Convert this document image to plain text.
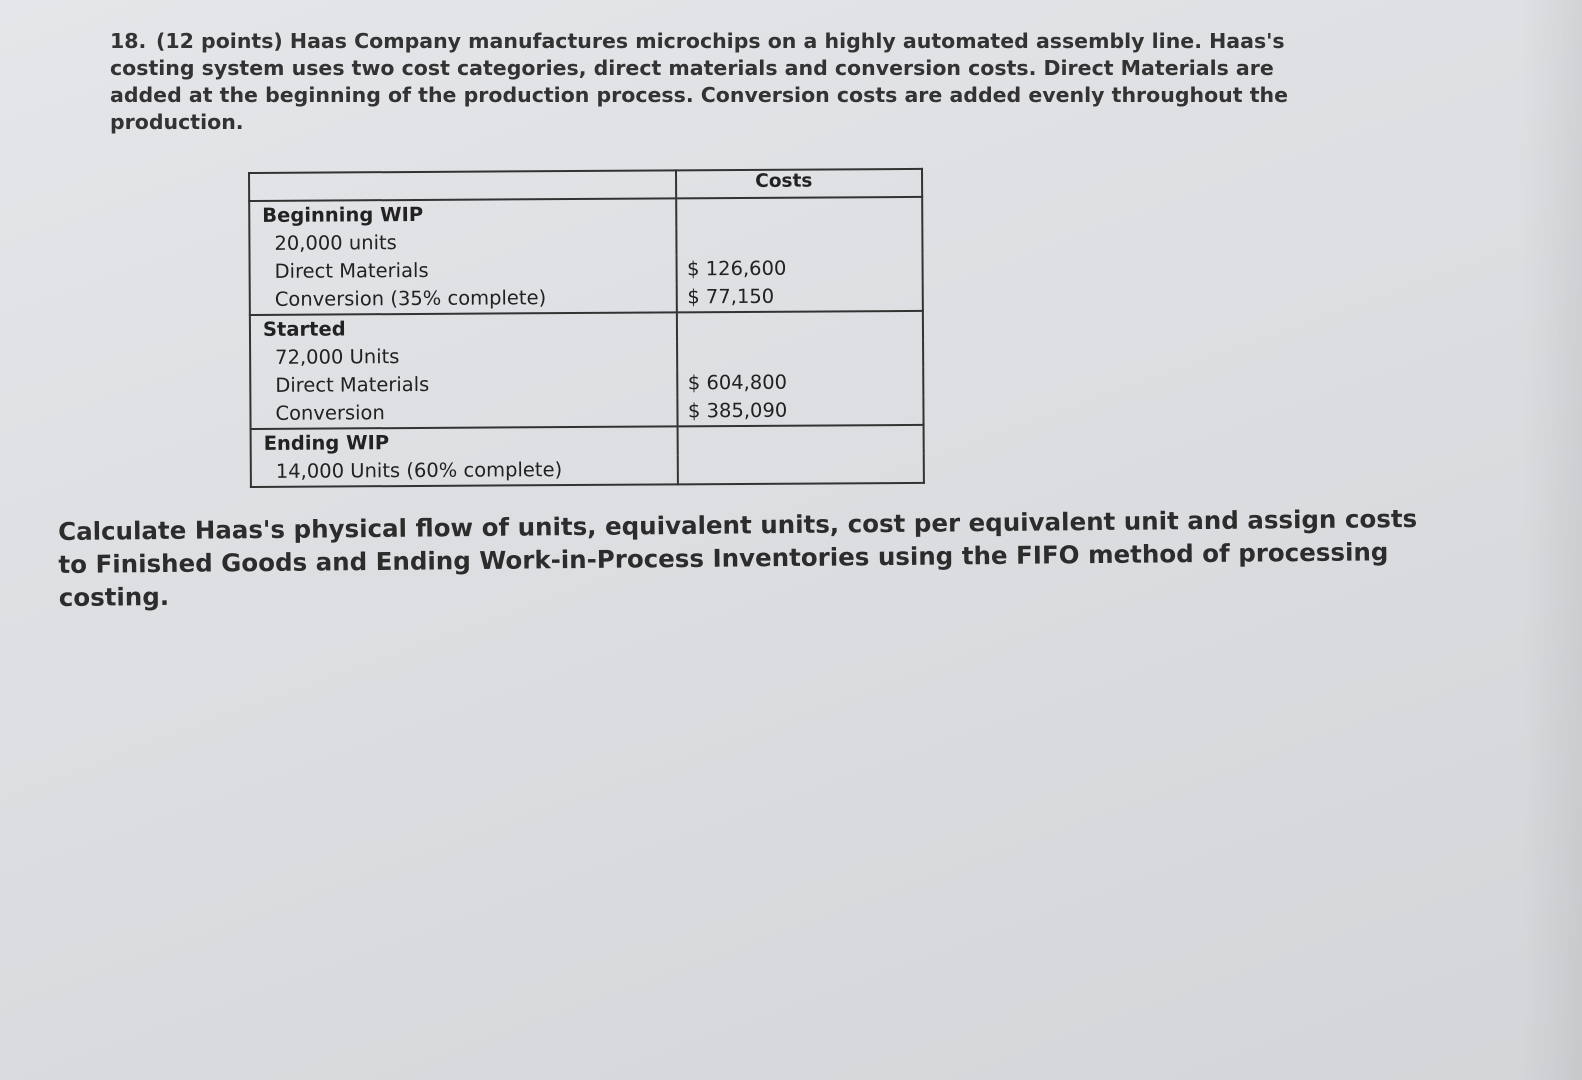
18. (12 points) Haas Company manufactures microchips on a highly automated assembly line. Haas's costing system uses two cost categories, direct materials and conversion costs. Direct Materials are added at the beginning of the production process. Conversion costs are added evenly throughout the production.
	Costs
Beginning WIP	
20,000 units	
Direct Materials	$ 126,600
Conversion (35% complete)	$ 77,150
Started	
72,000 Units	
Direct Materials	$ 604,800
Conversion	$ 385,090
Ending WIP	
14,000 Units (60% complete)	
Calculate Haas's physical flow of units, equivalent units, cost per equivalent unit and assign costs to Finished Goods and Ending Work-in-Process Inventories using the FIFO method of processing costing.
